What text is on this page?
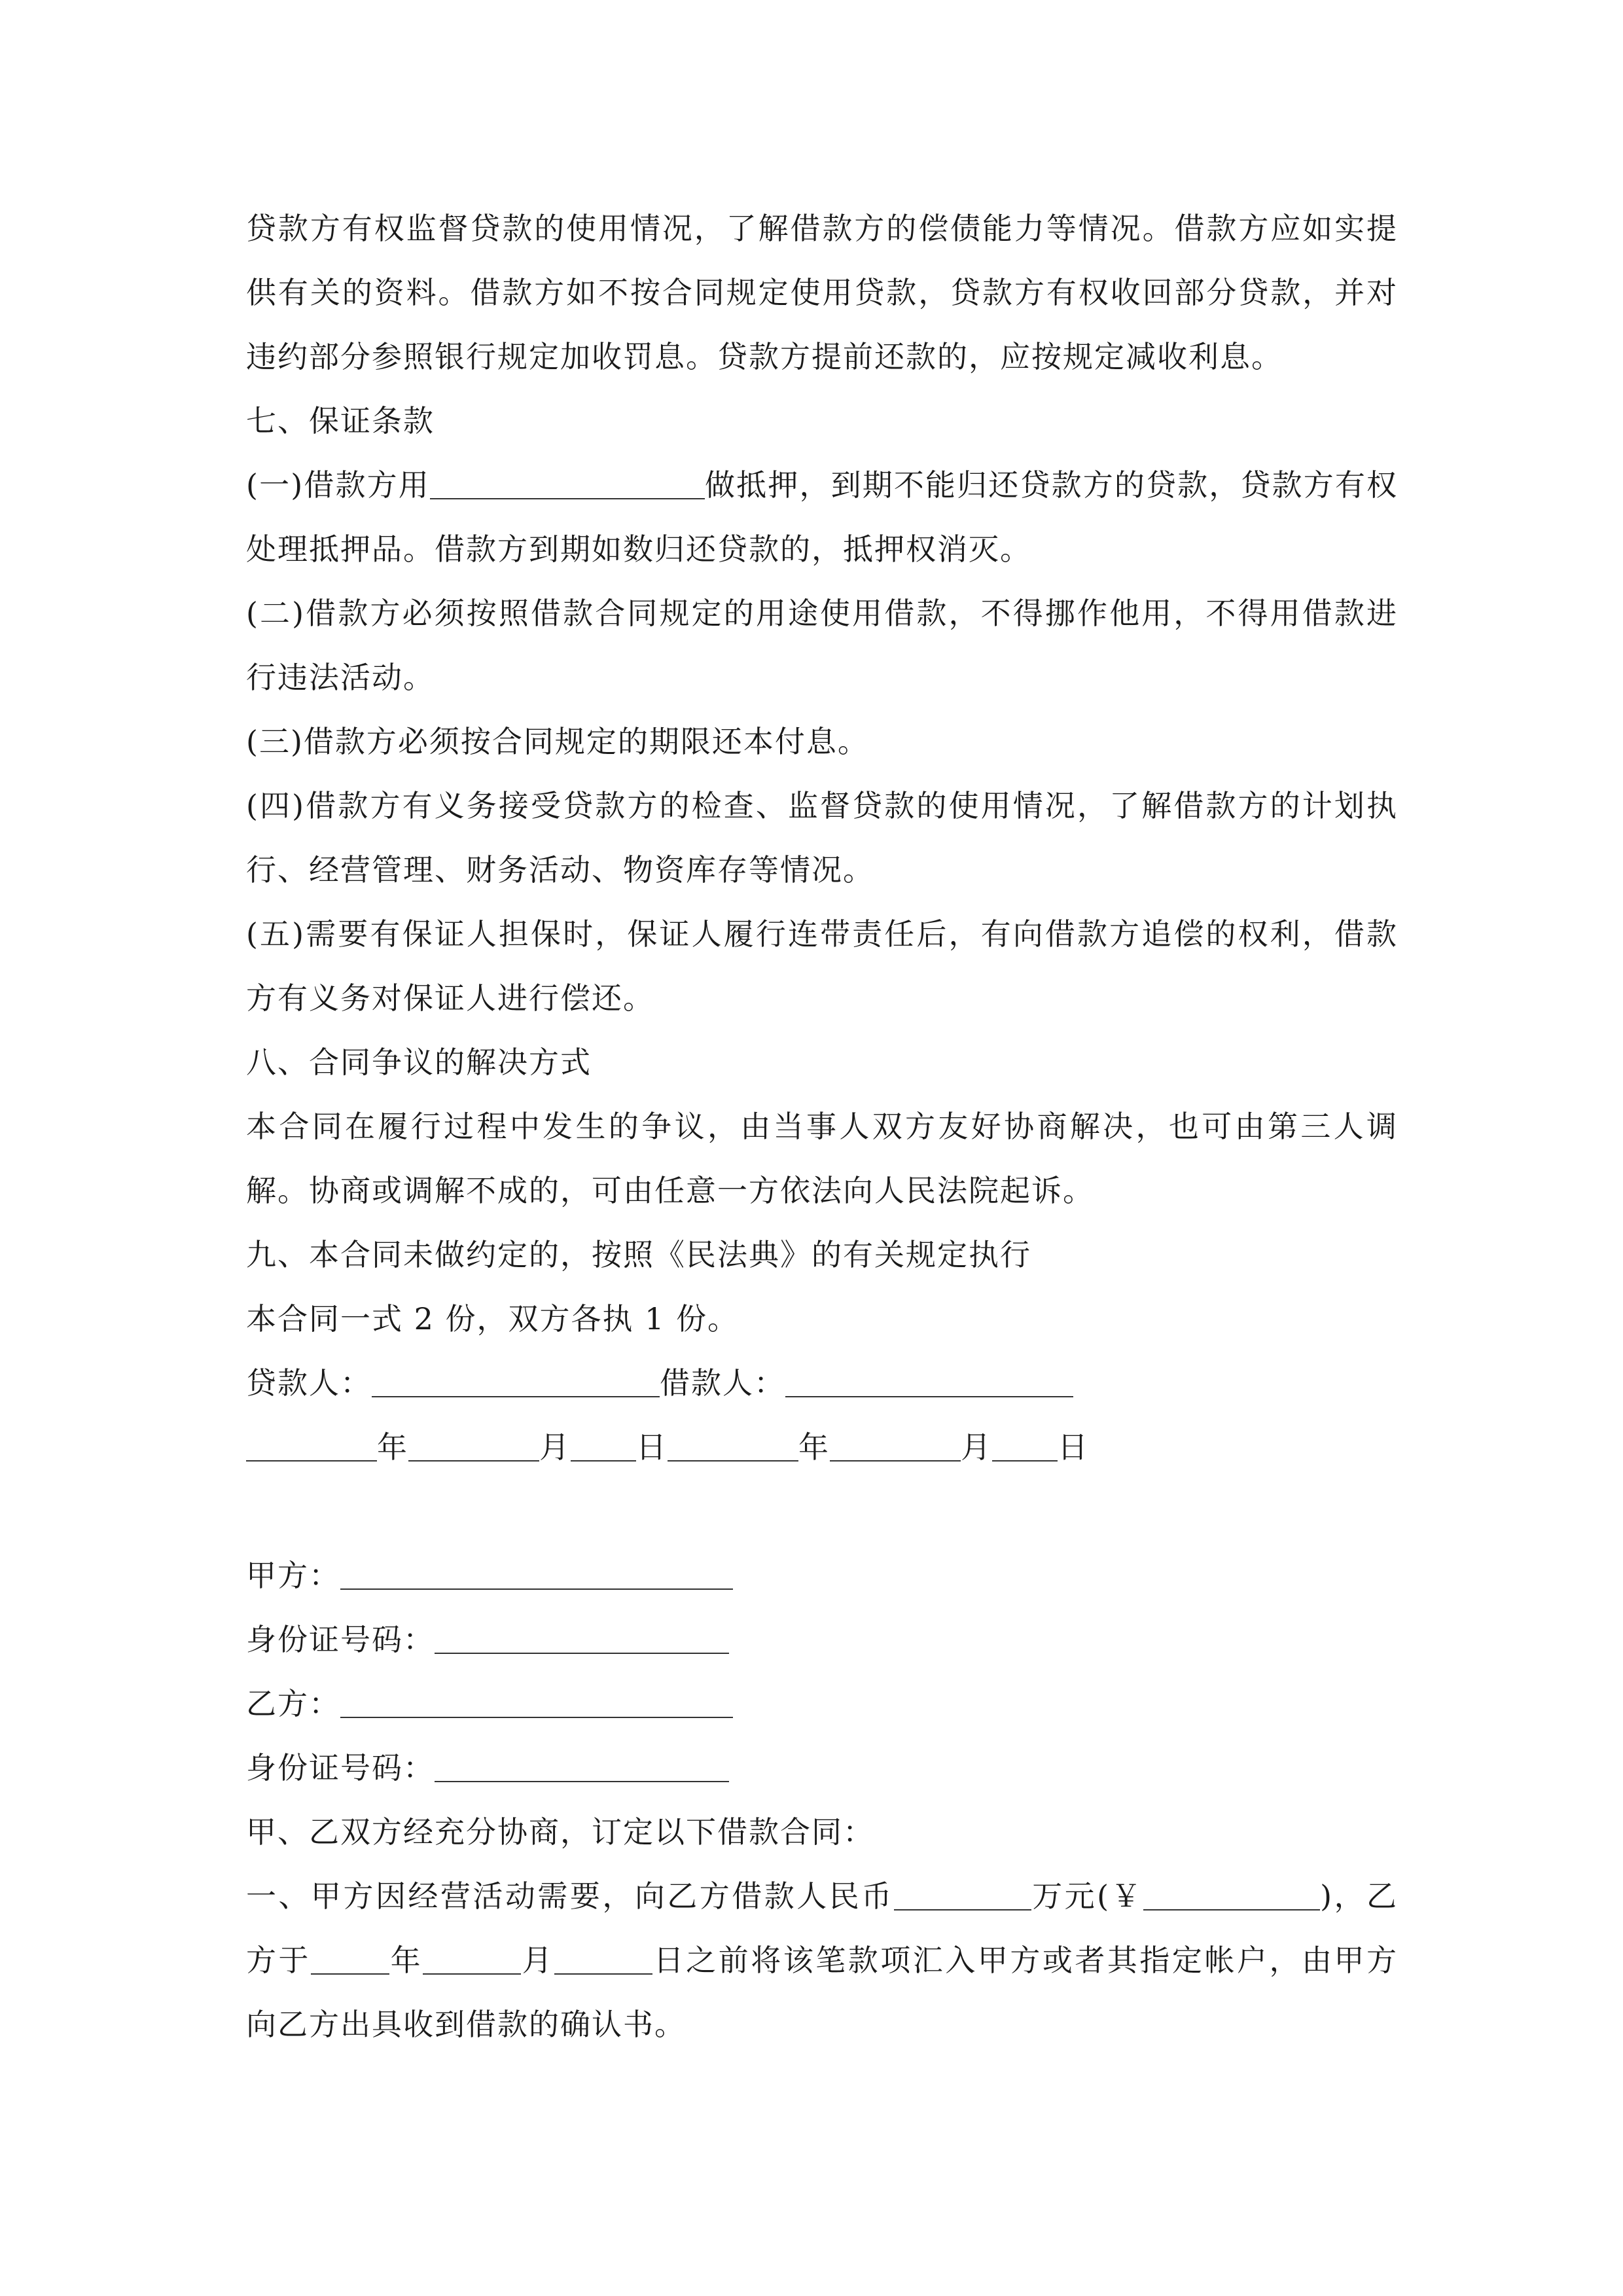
贷款方有权监督贷款的使用情况，了解借款方的偿债能力等情况。借款方应如实提供有关的资料。借款方如不按合同规定使用贷款，贷款方有权收回部分贷款，并对违约部分参照银行规定加收罚息。贷款方提前还款的，应按规定减收利息。

七、保证条款

(一)借款方用	做抵押，到期不能归还贷款方的贷款，贷款方有权处理抵押品。借款方到期如数归还贷款的，抵押权消灭。

(二)借款方必须按照借款合同规定的用途使用借款，不得挪作他用，不得用借款进行违法活动。

(三)借款方必须按合同规定的期限还本付息。

(四)借款方有义务接受贷款方的检查、监督贷款的使用情况，了解借款方的计划执行、经营管理、财务活动、物资库存等情况。

(五)需要有保证人担保时，保证人履行连带责任后，有向借款方追偿的权利，借款方有义务对保证人进行偿还。

八、合同争议的解决方式

本合同在履行过程中发生的争议，由当事人双方友好协商解决，也可由第三人调解。协商或调解不成的，可由任意一方依法向人民法院起诉。

九、本合同未做约定的，按照《民法典》的有关规定执行

本合同一式 2 份，双方各执 1 份。

贷款人：	借款人：

年	月 日	年	月 日

甲方：

身份证号码：

乙方：

身份证号码：

甲、乙双方经充分协商，订定以下借款合同：

一、甲方因经营活动需要，向乙方借款人民币	万元(￥	)，乙方于	年	月	日之前将该笔款项汇入甲方或者其指定帐户，由甲方向乙方出具收到借款的确认书。
